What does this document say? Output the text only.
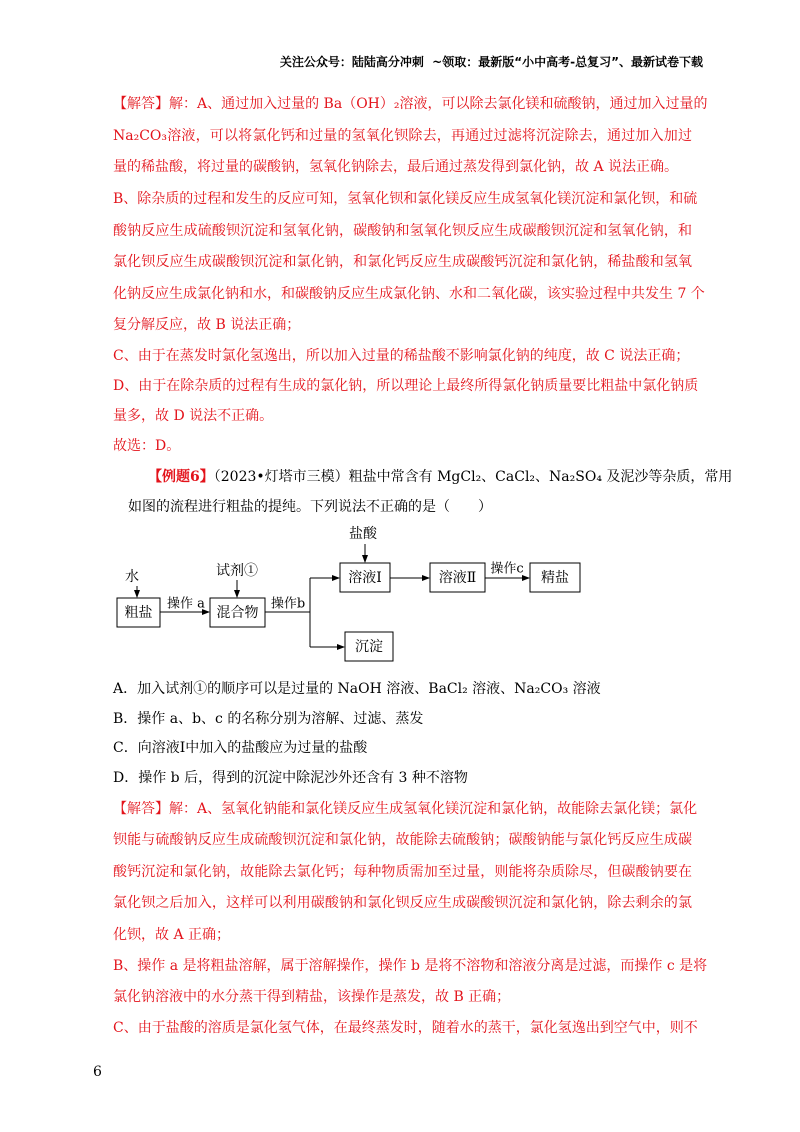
关注公众号：陆陆高分冲刺  ~领取：最新版“小中高考-总复习”、最新试卷下载
【解答】解：A、通过加入过量的 Ba（OH）₂溶液，可以除去氯化镁和硫酸钠，通过加入过量的
Na₂CO₃溶液，可以将氯化钙和过量的氢氧化钡除去，再通过过滤将沉淀除去，通过加入加过
量的稀盐酸，将过量的碳酸钠，氢氧化钠除去，最后通过蒸发得到氯化钠，故 A 说法正确。
B、除杂质的过程和发生的反应可知，氢氧化钡和氯化镁反应生成氢氧化镁沉淀和氯化钡，和硫
酸钠反应生成硫酸钡沉淀和氢氧化钠，碳酸钠和氢氧化钡反应生成碳酸钡沉淀和氢氧化钠，和
氯化钡反应生成碳酸钡沉淀和氯化钠，和氯化钙反应生成碳酸钙沉淀和氯化钠，稀盐酸和氢氧
化钠反应生成氯化钠和水，和碳酸钠反应生成氯化钠、水和二氧化碳，该实验过程中共发生 7 个
复分解反应，故 B 说法正确；
C、由于在蒸发时氯化氢逸出，所以加入过量的稀盐酸不影响氯化钠的纯度，故 C 说法正确；
D、由于在除杂质的过程有生成的氯化钠，所以理论上最终所得氯化钠质量要比粗盐中氯化钠质
量多，故 D 说法不正确。
故选：D。
【例题6】（2023•灯塔市三模）粗盐中常含有 MgCl₂、CaCl₂、Na₂SO₄ 及泥沙等杂质，常用
如图的流程进行粗盐的提纯。下列说法不正确的是（　　）
盐酸
水	试剂①
粗盐
操作 a
混合物
操作b
溶液Ⅰ	溶液Ⅱ
操作c
精盐
沉淀
A．加入试剂①的顺序可以是过量的 NaOH 溶液、BaCl₂ 溶液、Na₂CO₃ 溶液
B．操作 a、b、c 的名称分别为溶解、过滤、蒸发
C．向溶液Ⅰ中加入的盐酸应为过量的盐酸
D．操作 b 后，得到的沉淀中除泥沙外还含有 3 种不溶物
【解答】解：A、氢氧化钠能和氯化镁反应生成氢氧化镁沉淀和氯化钠，故能除去氯化镁；氯化
钡能与硫酸钠反应生成硫酸钡沉淀和氯化钠，故能除去硫酸钠；碳酸钠能与氯化钙反应生成碳
酸钙沉淀和氯化钠，故能除去氯化钙；每种物质需加至过量，则能将杂质除尽，但碳酸钠要在
氯化钡之后加入，这样可以利用碳酸钠和氯化钡反应生成碳酸钡沉淀和氯化钠，除去剩余的氯
化钡，故 A 正确；
B、操作 a 是将粗盐溶解，属于溶解操作，操作 b 是将不溶物和溶液分离是过滤，而操作 c 是将
氯化钠溶液中的水分蒸干得到精盐，该操作是蒸发，故 B 正确；
C、由于盐酸的溶质是氯化氢气体，在最终蒸发时，随着水的蒸干，氯化氢逸出到空气中，则不
6
